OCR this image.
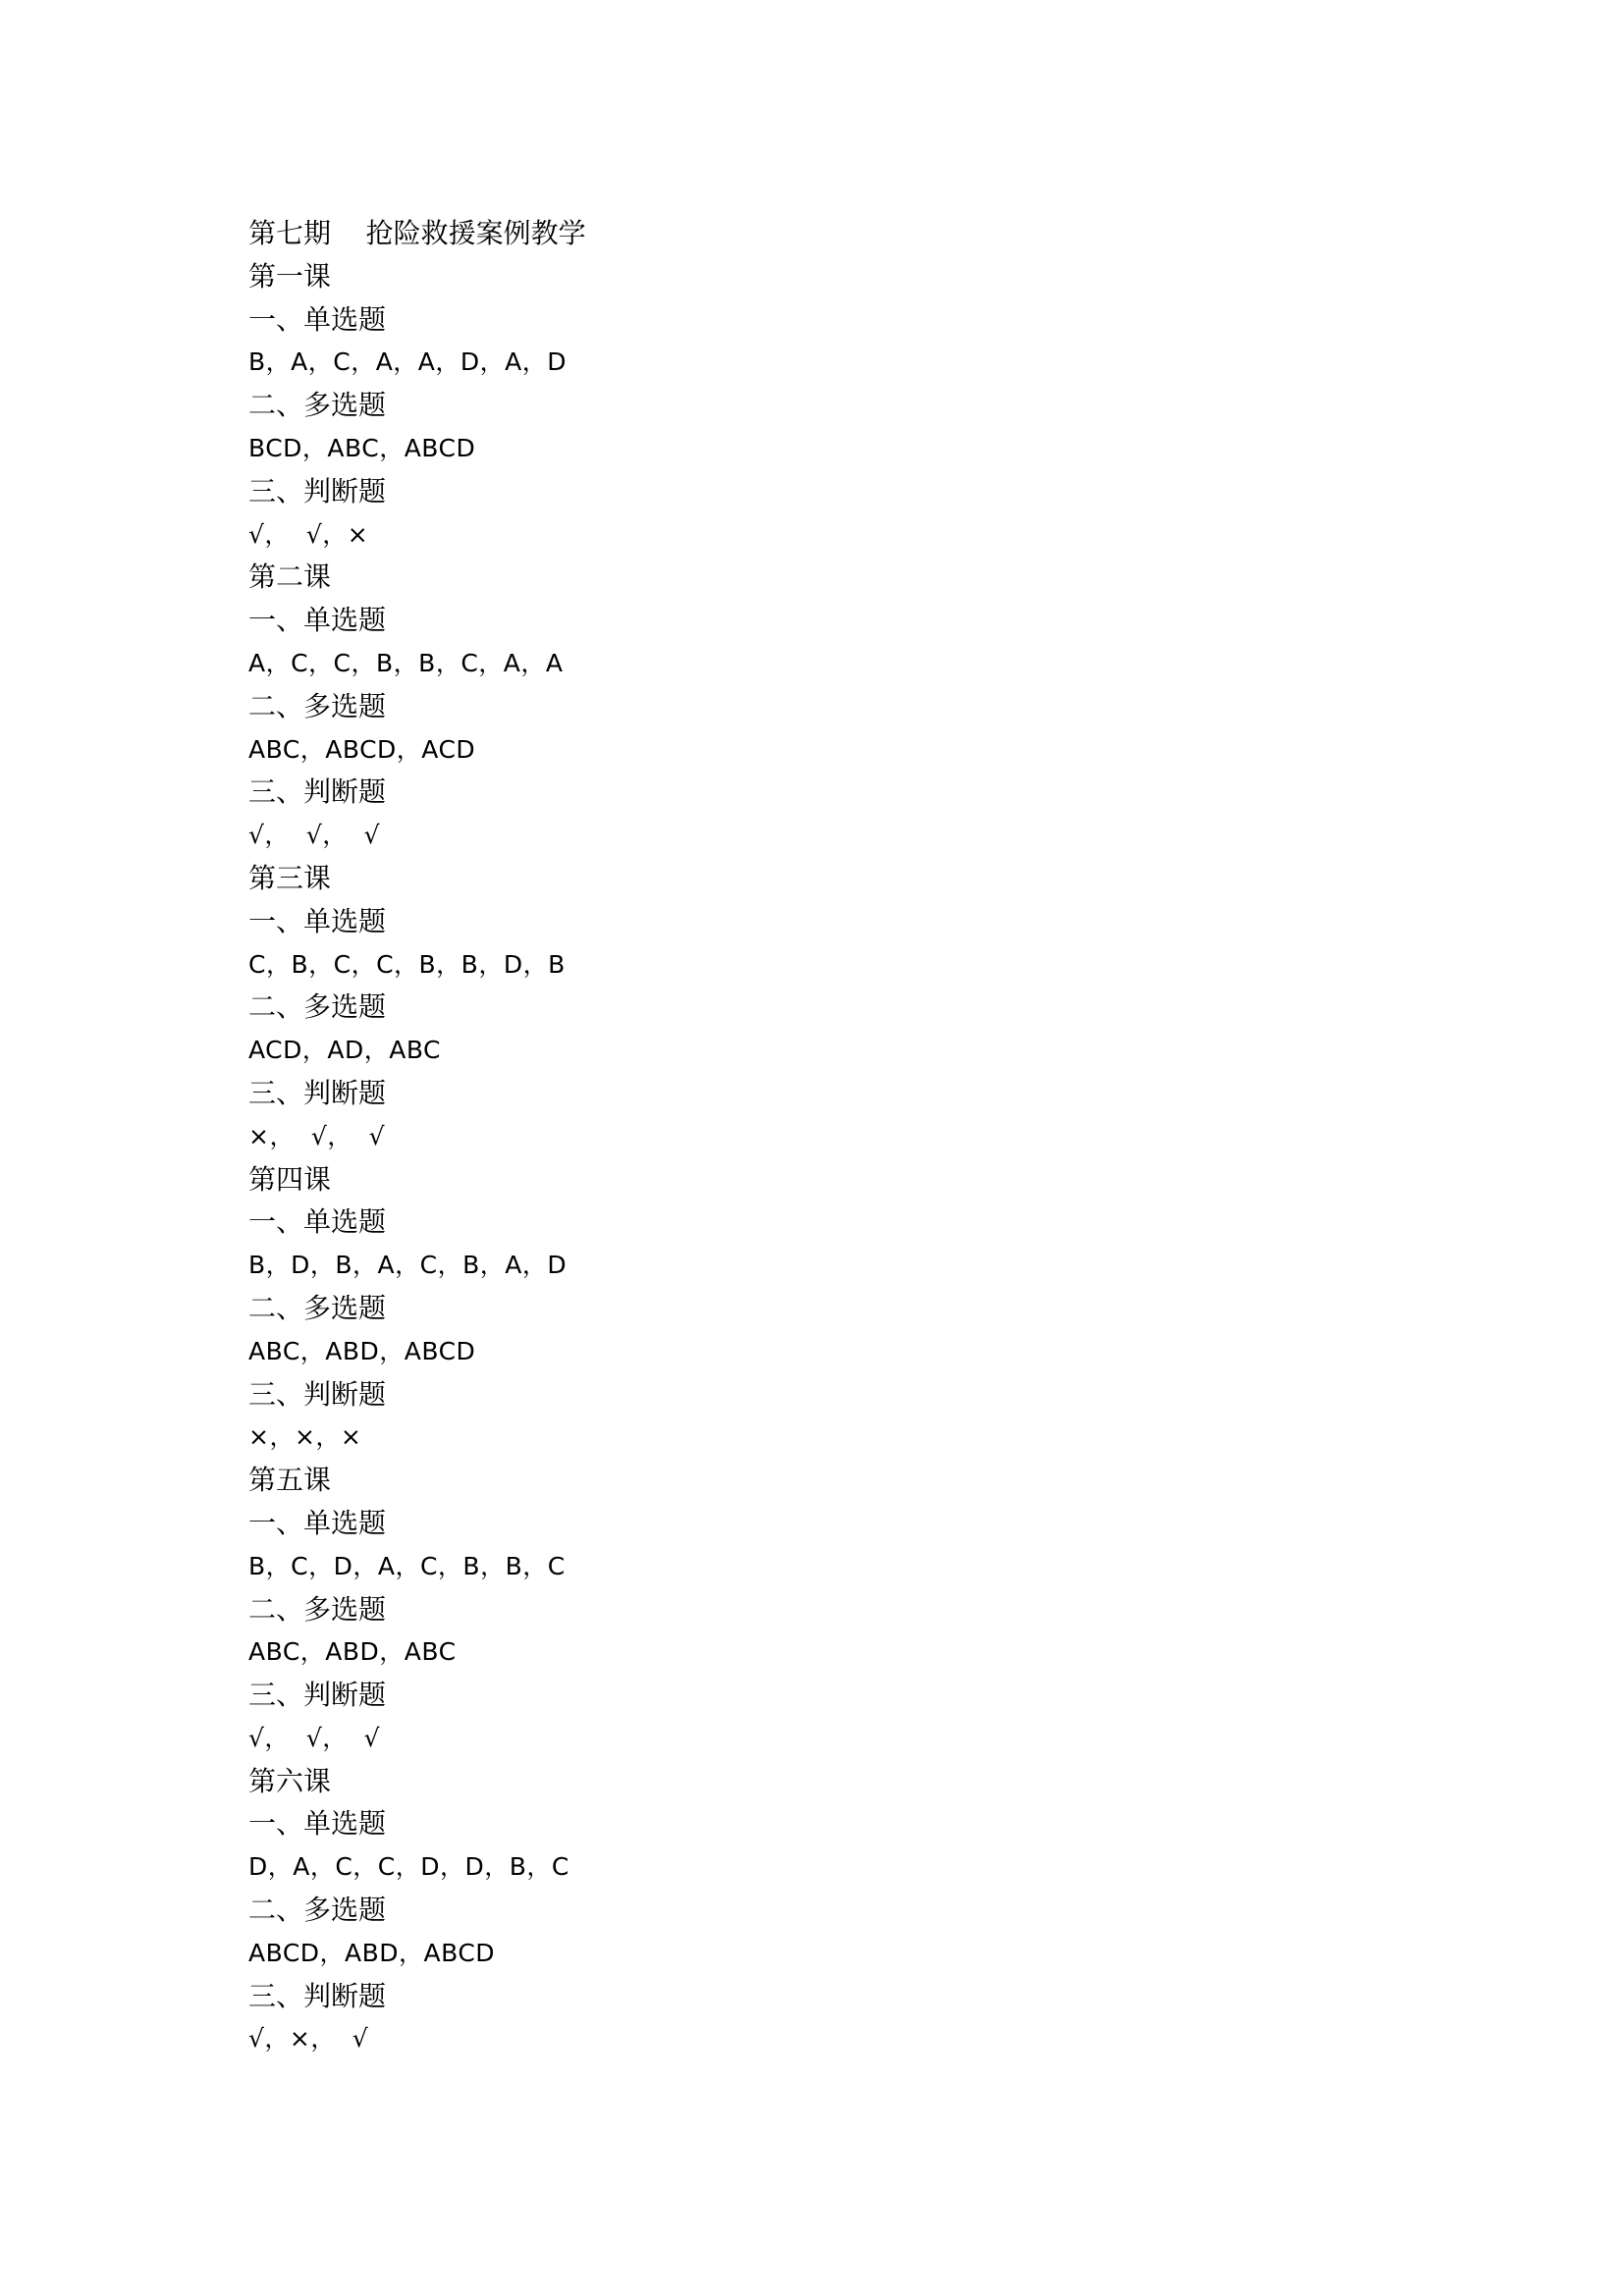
第七期    抢险救援案例教学
第一课
一、单选题
B，A，C，A，A，D，A，D
二、多选题
BCD，ABC，ABCD
三、判断题
√，  √，×
第二课
一、单选题
A，C，C，B，B，C，A，A
二、多选题
ABC，ABCD，ACD
三、判断题
√，  √，  √
第三课
一、单选题
C，B，C，C，B，B，D，B
二、多选题
ACD，AD，ABC
三、判断题
×，  √，  √
第四课
一、单选题
B，D，B，A，C，B，A，D
二、多选题
ABC，ABD，ABCD
三、判断题
×，×，×
第五课
一、单选题
B，C，D，A，C，B，B，C
二、多选题
ABC，ABD，ABC
三、判断题
√，  √，  √
第六课
一、单选题
D，A，C，C，D，D，B，C
二、多选题
ABCD，ABD，ABCD
三、判断题
√，×，  √
